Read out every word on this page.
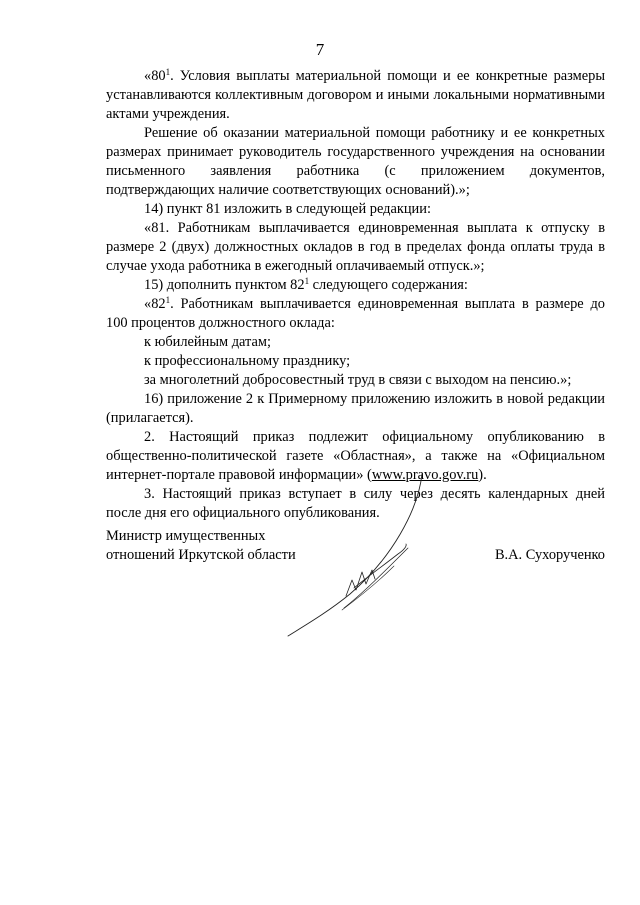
7

«$80^1$. Условия выплаты материальной помощи и ее конкретные размеры устанавливаются коллективным договором и иными локальными нормативными актами учреждения.

Решение об оказании материальной помощи работнику и ее конкретных размерах принимает руководитель государственного учреждения на основании письменного заявления работника (с приложением документов, подтверждающих наличие соответствующих оснований).»;

14) пункт 81 изложить в следующей редакции:

«81. Работникам выплачивается единовременная выплата к отпуску в размере 2 (двух) должностных окладов в год в пределах фонда оплаты труда в случае ухода работника в ежегодный оплачиваемый отпуск.»;

15) дополнить пунктом $82^1$ следующего содержания:

«$82^1$. Работникам выплачивается единовременная выплата в размере до 100 процентов должностного оклада:

к юбилейным датам;

к профессиональному празднику;

за многолетний добросовестный труд в связи с выходом на пенсию.»;

16) приложение 2 к Примерному приложению изложить в новой редакции (прилагается).

2. Настоящий приказ подлежит официальному опубликованию в общественно-политической газете «Областная», а также на «Официальном интернет-портале правовой информации» (www.pravo.gov.ru).

3. Настоящий приказ вступает в силу через десять календарных дней после дня его официального опубликования.

Министр имущественных
отношений Иркутской области	В.А. Сухорученко
